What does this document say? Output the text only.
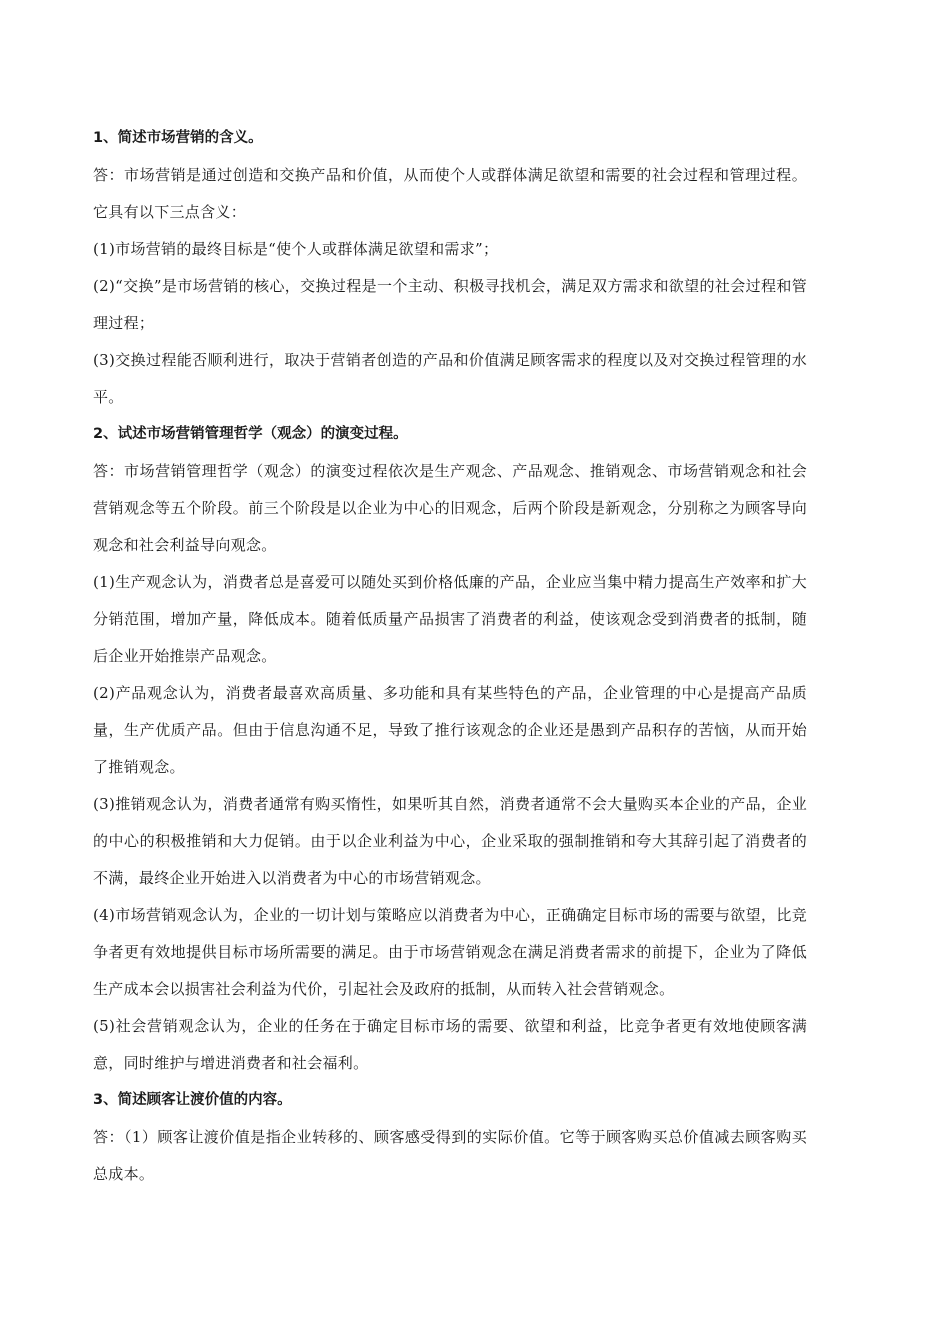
1、简述市场营销的含义。

答：市场营销是通过创造和交换产品和价值，从而使个人或群体满足欲望和需要的社会过程和管理过程。它具有以下三点含义：

(1)市场营销的最终目标是“使个人或群体满足欲望和需求”；

(2)“交换”是市场营销的核心，交换过程是一个主动、积极寻找机会，满足双方需求和欲望的社会过程和管理过程；

(3)交换过程能否顺利进行，取决于营销者创造的产品和价值满足顾客需求的程度以及对交换过程管理的水平。

2、试述市场营销管理哲学（观念）的演变过程。

答：市场营销管理哲学（观念）的演变过程依次是生产观念、产品观念、推销观念、市场营销观念和社会营销观念等五个阶段。前三个阶段是以企业为中心的旧观念，后两个阶段是新观念，分别称之为顾客导向观念和社会利益导向观念。

(1)生产观念认为，消费者总是喜爱可以随处买到价格低廉的产品，企业应当集中精力提高生产效率和扩大分销范围，增加产量，降低成本。随着低质量产品损害了消费者的利益，使该观念受到消费者的抵制，随后企业开始推崇产品观念。

(2)产品观念认为，消费者最喜欢高质量、多功能和具有某些特色的产品，企业管理的中心是提高产品质量，生产优质产品。但由于信息沟通不足，导致了推行该观念的企业还是愚到产品积存的苦恼，从而开始了推销观念。

(3)推销观念认为，消费者通常有购买惰性，如果听其自然，消费者通常不会大量购买本企业的产品，企业的中心的积极推销和大力促销。由于以企业利益为中心，企业采取的强制推销和夸大其辞引起了消费者的不满，最终企业开始进入以消费者为中心的市场营销观念。

(4)市场营销观念认为，企业的一切计划与策略应以消费者为中心，正确确定目标市场的需要与欲望，比竞争者更有效地提供目标市场所需要的满足。由于市场营销观念在满足消费者需求的前提下，企业为了降低生产成本会以损害社会利益为代价，引起社会及政府的抵制，从而转入社会营销观念。

(5)社会营销观念认为，企业的任务在于确定目标市场的需要、欲望和利益，比竞争者更有效地使顾客满意，同时维护与增进消费者和社会福利。

3、简述顾客让渡价值的内容。

答：（1）顾客让渡价值是指企业转移的、顾客感受得到的实际价值。它等于顾客购买总价值减去顾客购买总成本。
